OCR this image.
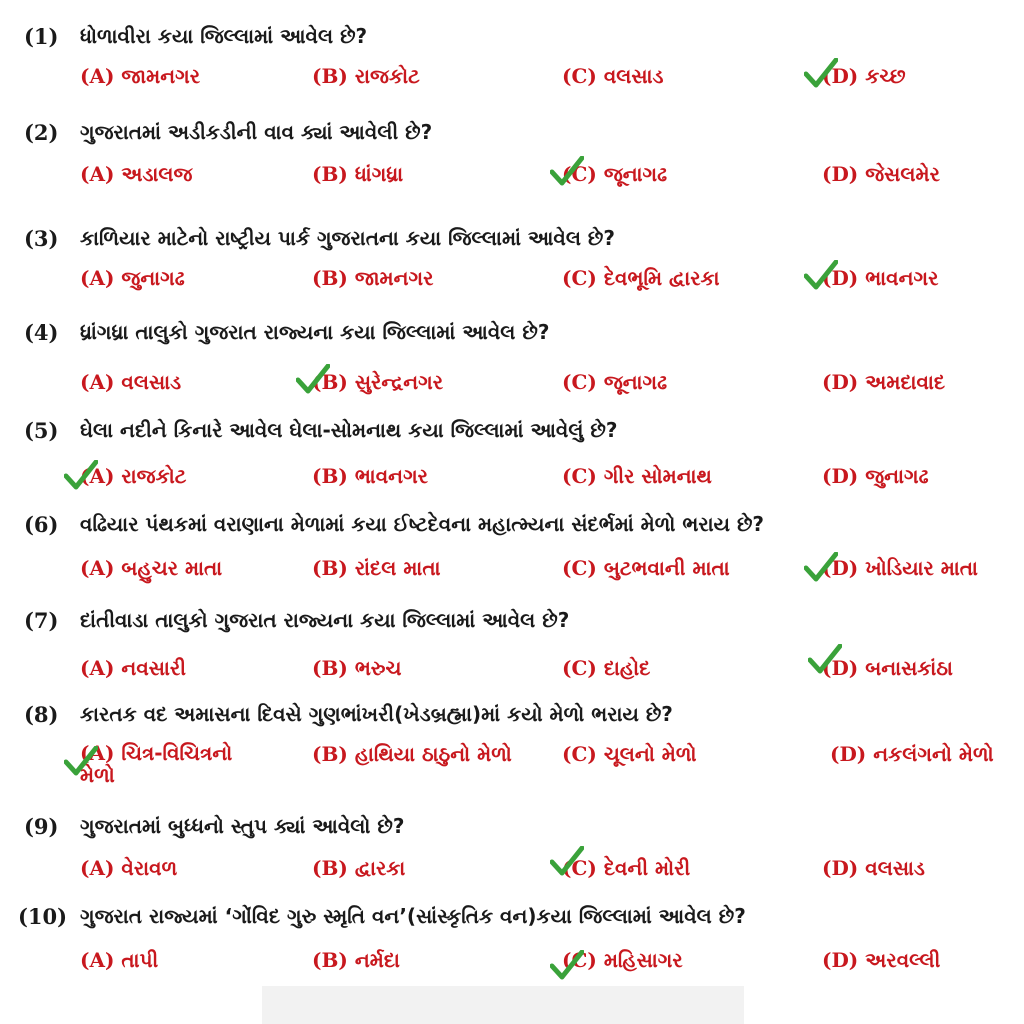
(1) ધોળાવીરા કયા જિલ્લામાં આવેલ છે?
(A) જામનગર	(B) રાજકોટ	(C) વલસાડ	(D) કચ્છ
(2) ગુજરાતમાં અડીકડીની વાવ ક્યાં આવેલી છે?
(A) અડાલજ	(B) ધાંગધ્રા	(C) જૂનાગઢ	(D) જેસલમેર
(3) કાળિયાર માટેનો રાષ્ટ્રીય પાર્ક ગુજરાતના કયા જિલ્લામાં આવેલ છે?
(A) જુનાગઢ	(B) જામનગર	(C) દેવભૂમિ દ્વારકા	(D) ભાવનગર
(4) ધ્રાંગધ્રા તાલુકો ગુજરાત રાજ્યના કયા જિલ્લામાં આવેલ છે?
(A) વલસાડ	(B) સુરેન્દ્રનગર	(C) જૂનાગઢ	(D) અમદાવાદ
(5) ઘેલા નદીને કિનારે આવેલ ઘેલા-સોમનાથ કયા જિલ્લામાં આવેલું છે?
(A) રાજકોટ	(B) ભાવનગર	(C) ગીર સોમનાથ	(D) જુનાગઢ
(6) વઢિયાર પંથકમાં વરાણાના મેળામાં કયા ઈષ્ટદેવના મહાત્મ્યના સંદર્ભમાં મેળો ભરાય છે?
(A) બહુચર માતા	(B) રાંદલ માતા	(C) બુટભવાની માતા	(D) ખોડિયાર માતા
(7) દાંતીવાડા તાલુકો ગુજરાત રાજ્યના કયા જિલ્લામાં આવેલ છે?
(A) નવસારી	(B) ભરુચ	(C) દાહોદ	(D) બનાસકાંઠા
(8) કારતક વદ અમાસના દિવસે ગુણભાંખરી(ખેડબ્રહ્મા)માં કયો મેળો ભરાય છે?
(A) ચિત્ર-વિચિત્રનો મેળો
(B) હાથિયા ઠાઠુનો મેળો	(C) ચૂલનો મેળો	(D) નકલંગનો મેળો
(9) ગુજરાતમાં બુધ્ધનો સ્તુપ ક્યાં આવેલો છે?
(A) વેરાવળ	(B) દ્વારકા	(C) દેવની મોરી	(D) વલસાડ
(10) ગુજરાત રાજ્યમાં ‘ગોંવિદ ગુરુ સ્મૃતિ વન’(સાંસ્કૃતિક વન)કયા જિલ્લામાં આવેલ છે?
(A) તાપી	(B) નર્મદા	(C) મહિસાગર	(D) અરવલ્લી
